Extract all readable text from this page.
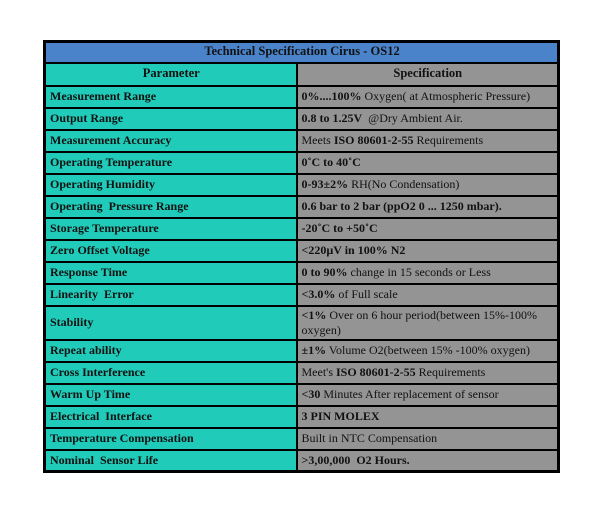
Technical Specification Cirus - OS12	
Parameter	Specification
Measurement Range	0%....100% Oxygen( at Atmospheric Pressure)
Output Range	0.8 to 1.25V  @Dry Ambient Air.
Measurement Accuracy	Meets ISO 80601-2-55 Requirements
Operating Temperature	0˚C to 40˚C
Operating Humidity	0-93±2% RH(No Condensation)
Operating  Pressure Range	0.6 bar to 2 bar (ppO2 0 ... 1250 mbar).
Storage Temperature	-20˚C to +50˚C
Zero Offset Voltage	<220µV in 100% N2
Response Time	0 to 90% change in 15 seconds or Less
Linearity  Error	<3.0% of Full scale
Stability	<1% Over on 6 hour period(between 15%-100% oxygen)
Repeat ability	±1% Volume O2(between 15% -100% oxygen)
Cross Interference	Meet's ISO 80601-2-55 Requirements
Warm Up Time	<30 Minutes After replacement of sensor
Electrical  Interface	3 PIN MOLEX
Temperature Compensation	Built in NTC Compensation
Nominal  Sensor Life	>3,00,000  O2 Hours.
